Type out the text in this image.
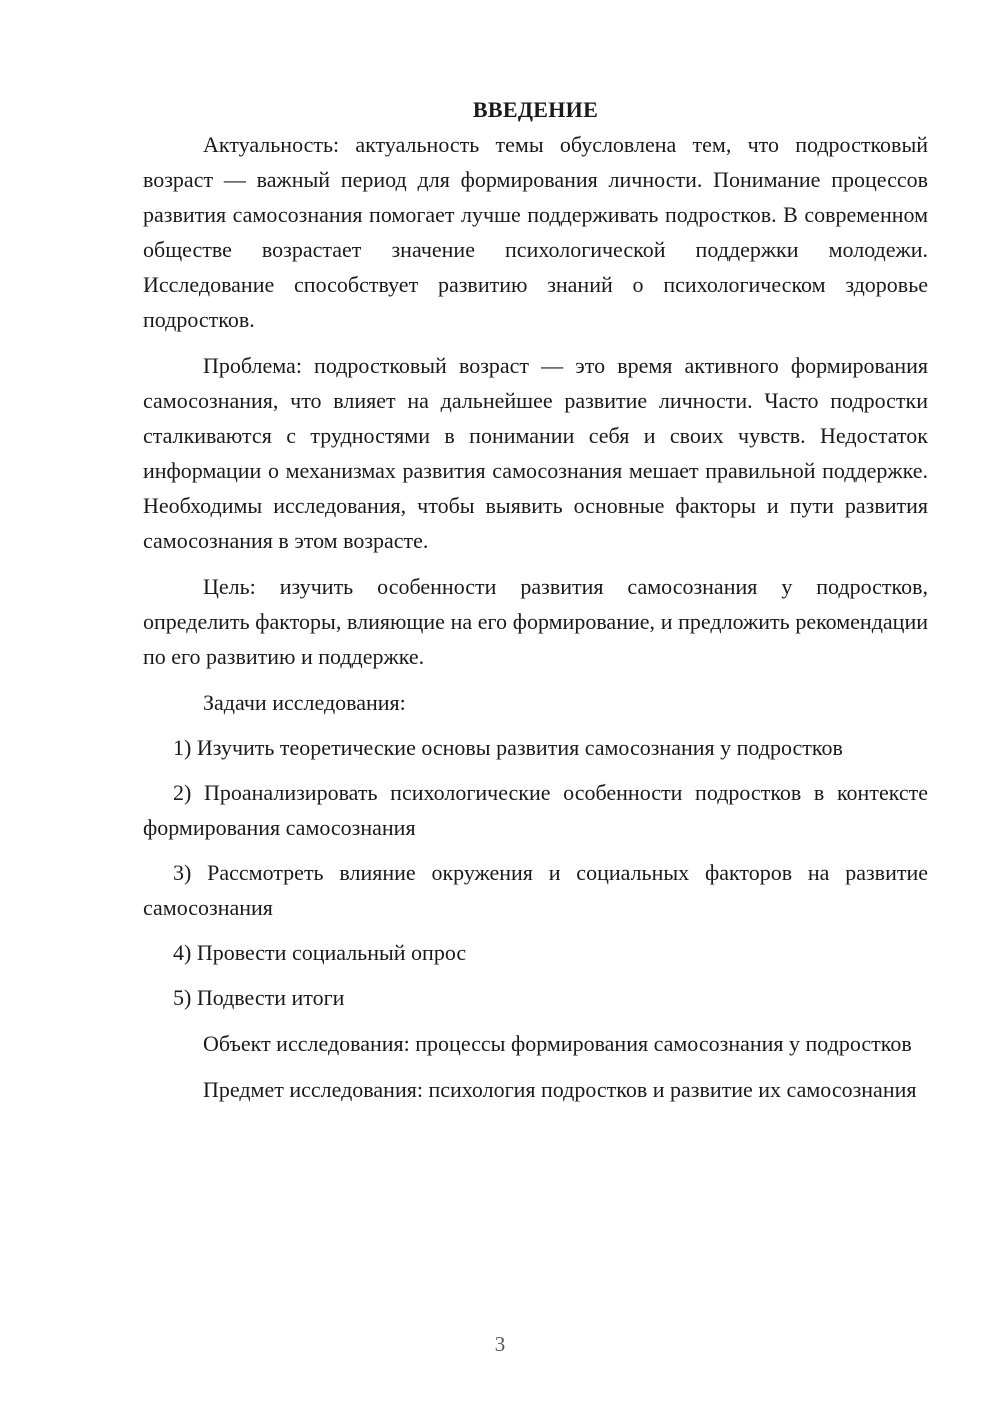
ВВЕДЕНИЕ

Актуальность: актуальность темы обусловлена тем, что подростковый возраст — важный период для формирования личности. Понимание процессов развития самосознания помогает лучше поддерживать подростков. В современном обществе возрастает значение психологической поддержки молодежи. Исследование способствует развитию знаний о психологическом здоровье подростков.

Проблема: подростковый возраст — это время активного формирования самосознания, что влияет на дальнейшее развитие личности. Часто подростки сталкиваются с трудностями в понимании себя и своих чувств. Недостаток информации о механизмах развития самосознания мешает правильной поддержке. Необходимы исследования, чтобы выявить основные факторы и пути развития самосознания в этом возрасте.

Цель: изучить особенности развития самосознания у подростков, определить факторы, влияющие на его формирование, и предложить рекомендации по его развитию и поддержке.

Задачи исследования:

1) Изучить теоретические основы развития самосознания у подростков

2) Проанализировать психологические особенности подростков в контексте формирования самосознания

3) Рассмотреть влияние окружения и социальных факторов на развитие самосознания

4) Провести социальный опрос

5) Подвести итоги

Объект исследования: процессы формирования самосознания у подростков

Предмет исследования: психология подростков и развитие их самосознания

3
